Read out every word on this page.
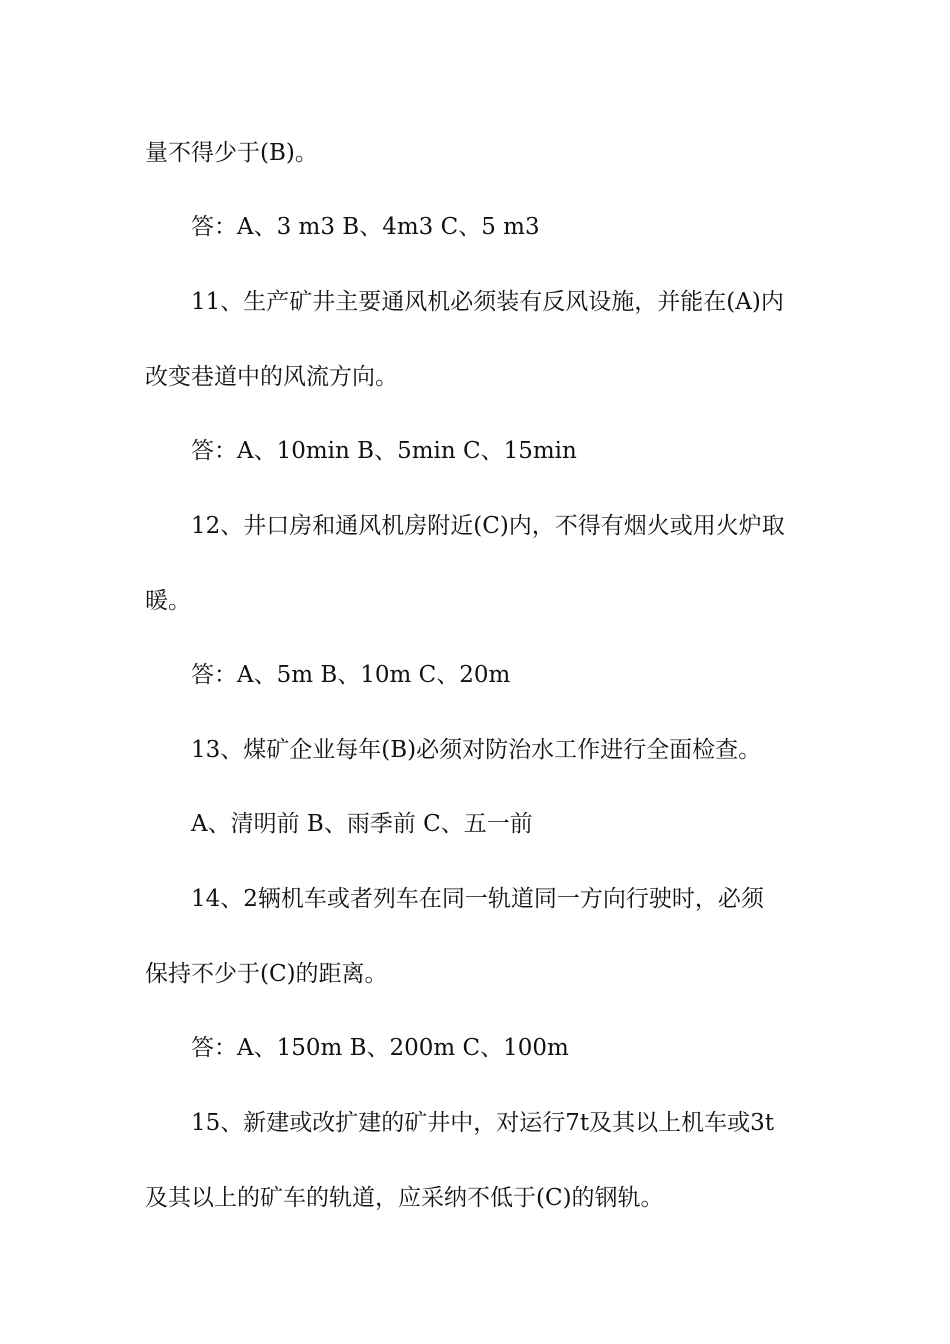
量不得少于(B)。
答：A、3 m3 B、4m3 C、5 m3
11、生产矿井主要通风机必须装有反风设施，并能在(A)内
改变巷道中的风流方向。
答：A、10min B、5min C、15min
12、井口房和通风机房附近(C)内，不得有烟火或用火炉取
暖。
答：A、5m B、10m C、20m
13、煤矿企业每年(B)必须对防治水工作进行全面检查。
A、清明前 B、雨季前 C、五一前
14、2辆机车或者列车在同一轨道同一方向行驶时，必须
保持不少于(C)的距离。
答：A、150m B、200m C、100m
15、新建或改扩建的矿井中，对运行7t及其以上机车或3t
及其以上的矿车的轨道，应采纳不低于(C)的钢轨。
